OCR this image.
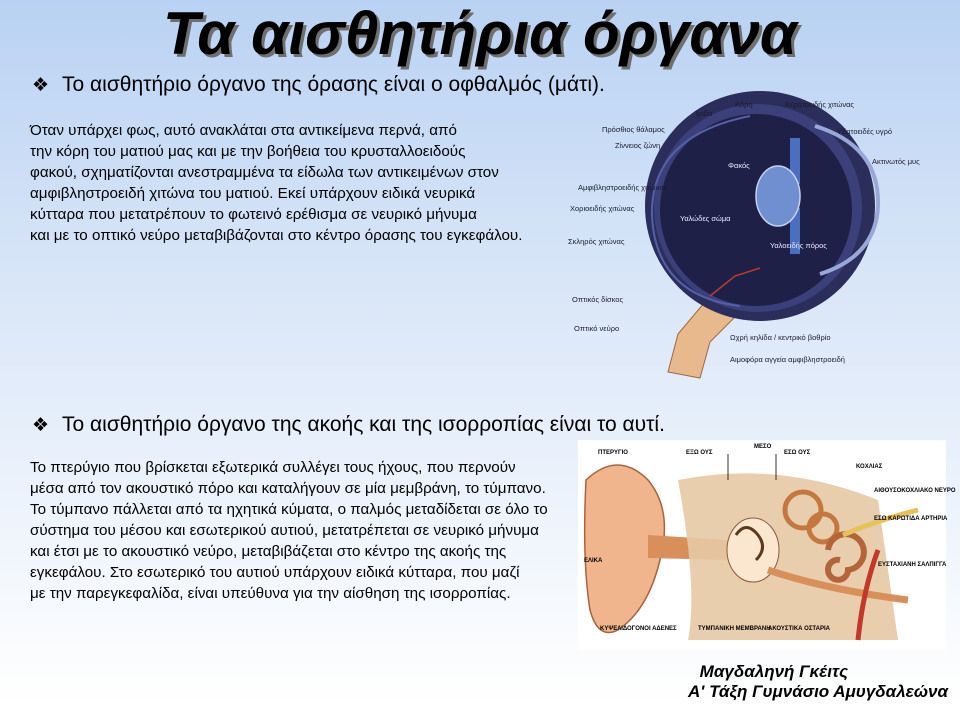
Τα αισθητήρια όργανα
❖ Το αισθητήριο όργανο της όρασης είναι ο οφθαλμός (μάτι).
Όταν υπάρχει φως, αυτό ανακλάται στα αντικείμενα περνά, από
την κόρη του ματιού μας και με την βοήθεια του κρυσταλλοειδούς
φακού, σχηματίζονται ανεστραμμένα τα είδωλα των αντικειμένων στον
αμφιβληστροειδή χιτώνα του ματιού. Εκεί υπάρχουν ειδικά νευρικά
κύτταρα που μετατρέπουν το φωτεινό ερέθισμα σε νευρικό μήνυμα
και με το οπτικό νεύρο μεταβιβάζονται στο κέντρο όρασης του εγκεφάλου.
Κόρη
Ίριδα
Κερατοειδής χιτώνας
Πρόσθιος θάλαμος
Ζίννειος ζώνη
Υδατοειδές υγρό
Φακός	Ακτινωτός μυς
Αμφιβληστροειδής χιτώνας
Χοριοειδής χιτώνας
Υαλώδες σώμα
Σκληρός χιτώνας	Υαλοειδής πόρος
Οπτικός δίσκος
Οπτικό νεύρο
Ωχρή κηλίδα / κεντρικό βοθρίο
Αιμοφόρα αγγεία αμφιβληστροειδή
❖ Το αισθητήριο όργανο της ακοής και της ισορροπίας είναι το αυτί.
Το πτερύγιο που βρίσκεται εξωτερικά συλλέγει τους ήχους, που περνούν
μέσα από τον ακουστικό πόρο και καταλήγουν σε μία μεμβράνη, το τύμπανο.
Το τύμπανο πάλλεται από τα ηχητικά κύματα, ο παλμός μεταδίδεται σε όλο το
σύστημα του μέσου και εσωτερικού αυτιού, μετατρέπεται σε νευρικό μήνυμα
και έτσι με το ακουστικό νεύρο, μεταβιβάζεται στο κέντρο της ακοής της
εγκεφάλου. Στο εσωτερικό του αυτιού υπάρχουν ειδικά κύτταρα, που μαζί
με την παρεγκεφαλίδα, είναι υπεύθυνα για την αίσθηση της ισορροπίας.
ΠΤΕΡΥΓΙΟ	ΕΞΩ ΟΥΣ
ΜΕΣΟ
ΕΣΩ ΟΥΣ
ΚΟΧΛΙΑΣ
ΑΙΘΟΥΣΟΚΟΧΛΙΑΚΟ ΝΕΥΡΟ
ΕΣΩ ΚΑΡΩΤΙΔΑ ΑΡΤΗΡΙΑ
ΕΛΙΚΑ
ΕΥΣΤΑΧΙΑΝΗ ΣΑΛΠΙΓΓΑ
ΚΥΨΕΛΙΔΟΓΟΝΟΙ ΑΔΕΝΕΣ	ΤΥΜΠΑΝΙΚΗ ΜΕΜΒΡΑΝΗ
ΑΚΟΥΣΤΙΚΑ ΟΣΤΑΡΙΑ
Μαγδαληνή Γκέιτς
Α' Τάξη Γυμνάσιο Αμυγδαλεώνα
